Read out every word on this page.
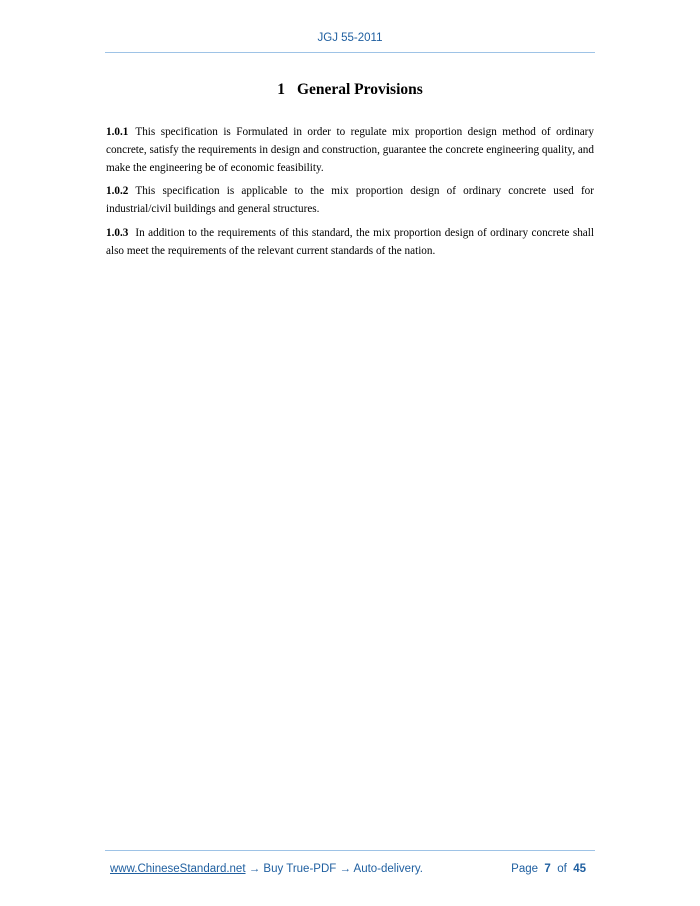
JGJ 55-2011
1 General Provisions

1.0.1 This specification is Formulated in order to regulate mix proportion design method of ordinary concrete, satisfy the requirements in design and construction, guarantee the concrete engineering quality, and make the engineering be of economic feasibility.

1.0.2 This specification is applicable to the mix proportion design of ordinary concrete used for industrial/civil buildings and general structures.

1.0.3 In addition to the requirements of this standard, the mix proportion design of ordinary concrete shall also meet the requirements of the relevant current standards of the nation.

www.ChineseStandard.net → Buy True-PDF → Auto-delivery.	Page 7 of 45
